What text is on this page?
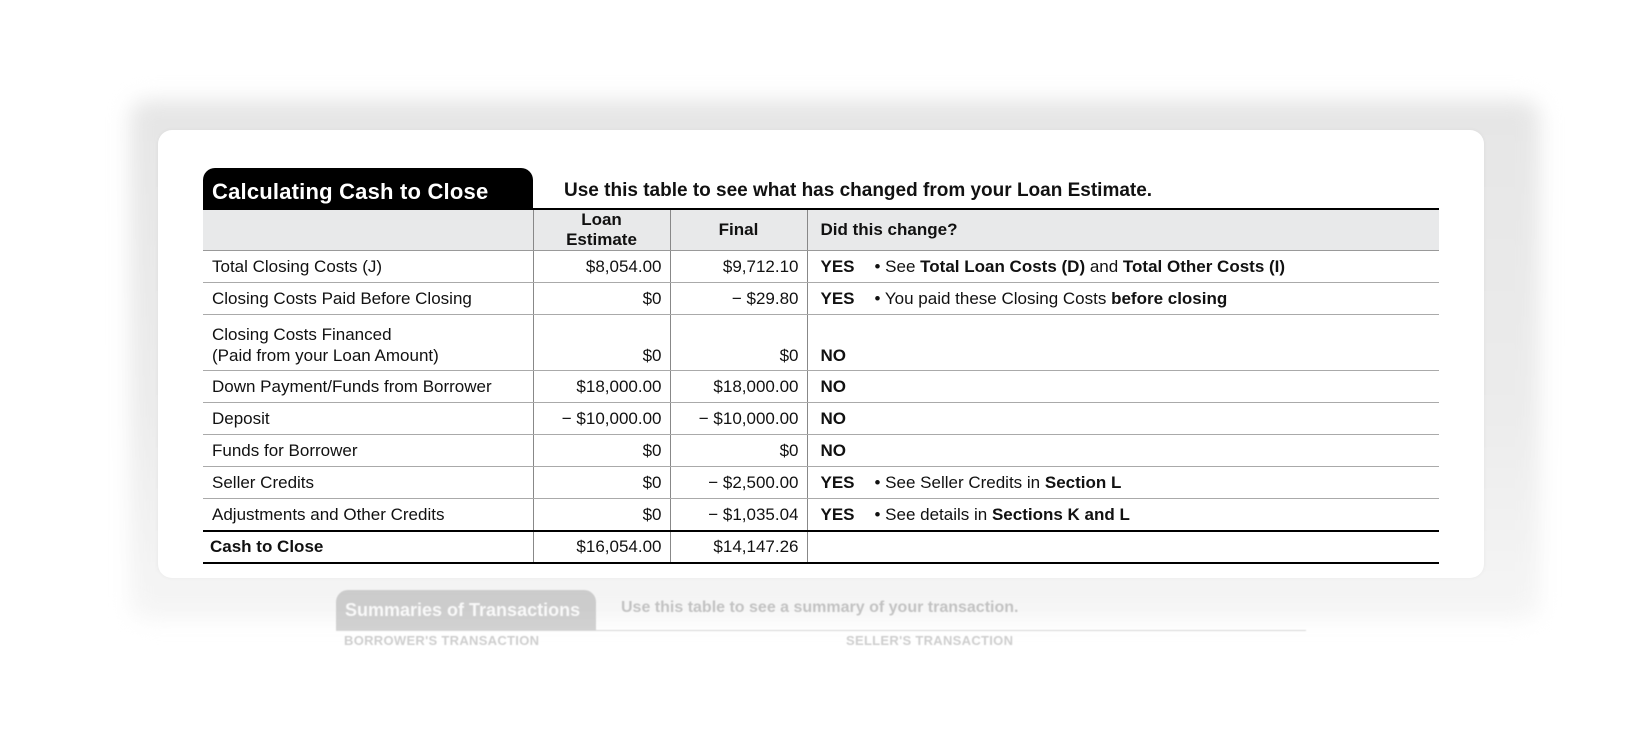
Summaries of Transactions	Use this table to see a summary of your transaction.
BORROWER'S TRANSACTION	SELLER'S TRANSACTION
Calculating Cash to Close	Use this table to see what has changed from your Loan Estimate.
	Loan Estimate	Final	Did this change?
Total Closing Costs (J)	$8,054.00	$9,712.10	YES • See Total Loan Costs (D) and Total Other Costs (I)
Closing Costs Paid Before Closing	$0	− $29.80	YES • You paid these Closing Costs before closing
Closing Costs Financed
(Paid from your Loan Amount)	$0	$0	NO
Down Payment/Funds from Borrower	$18,000.00	$18,000.00	NO
Deposit	− $10,000.00	− $10,000.00	NO
Funds for Borrower	$0	$0	NO
Seller Credits	$0	− $2,500.00	YES • See Seller Credits in Section L
Adjustments and Other Credits	$0	− $1,035.04	YES • See details in Sections K and L
Cash to Close	$16,054.00	$14,147.26	
